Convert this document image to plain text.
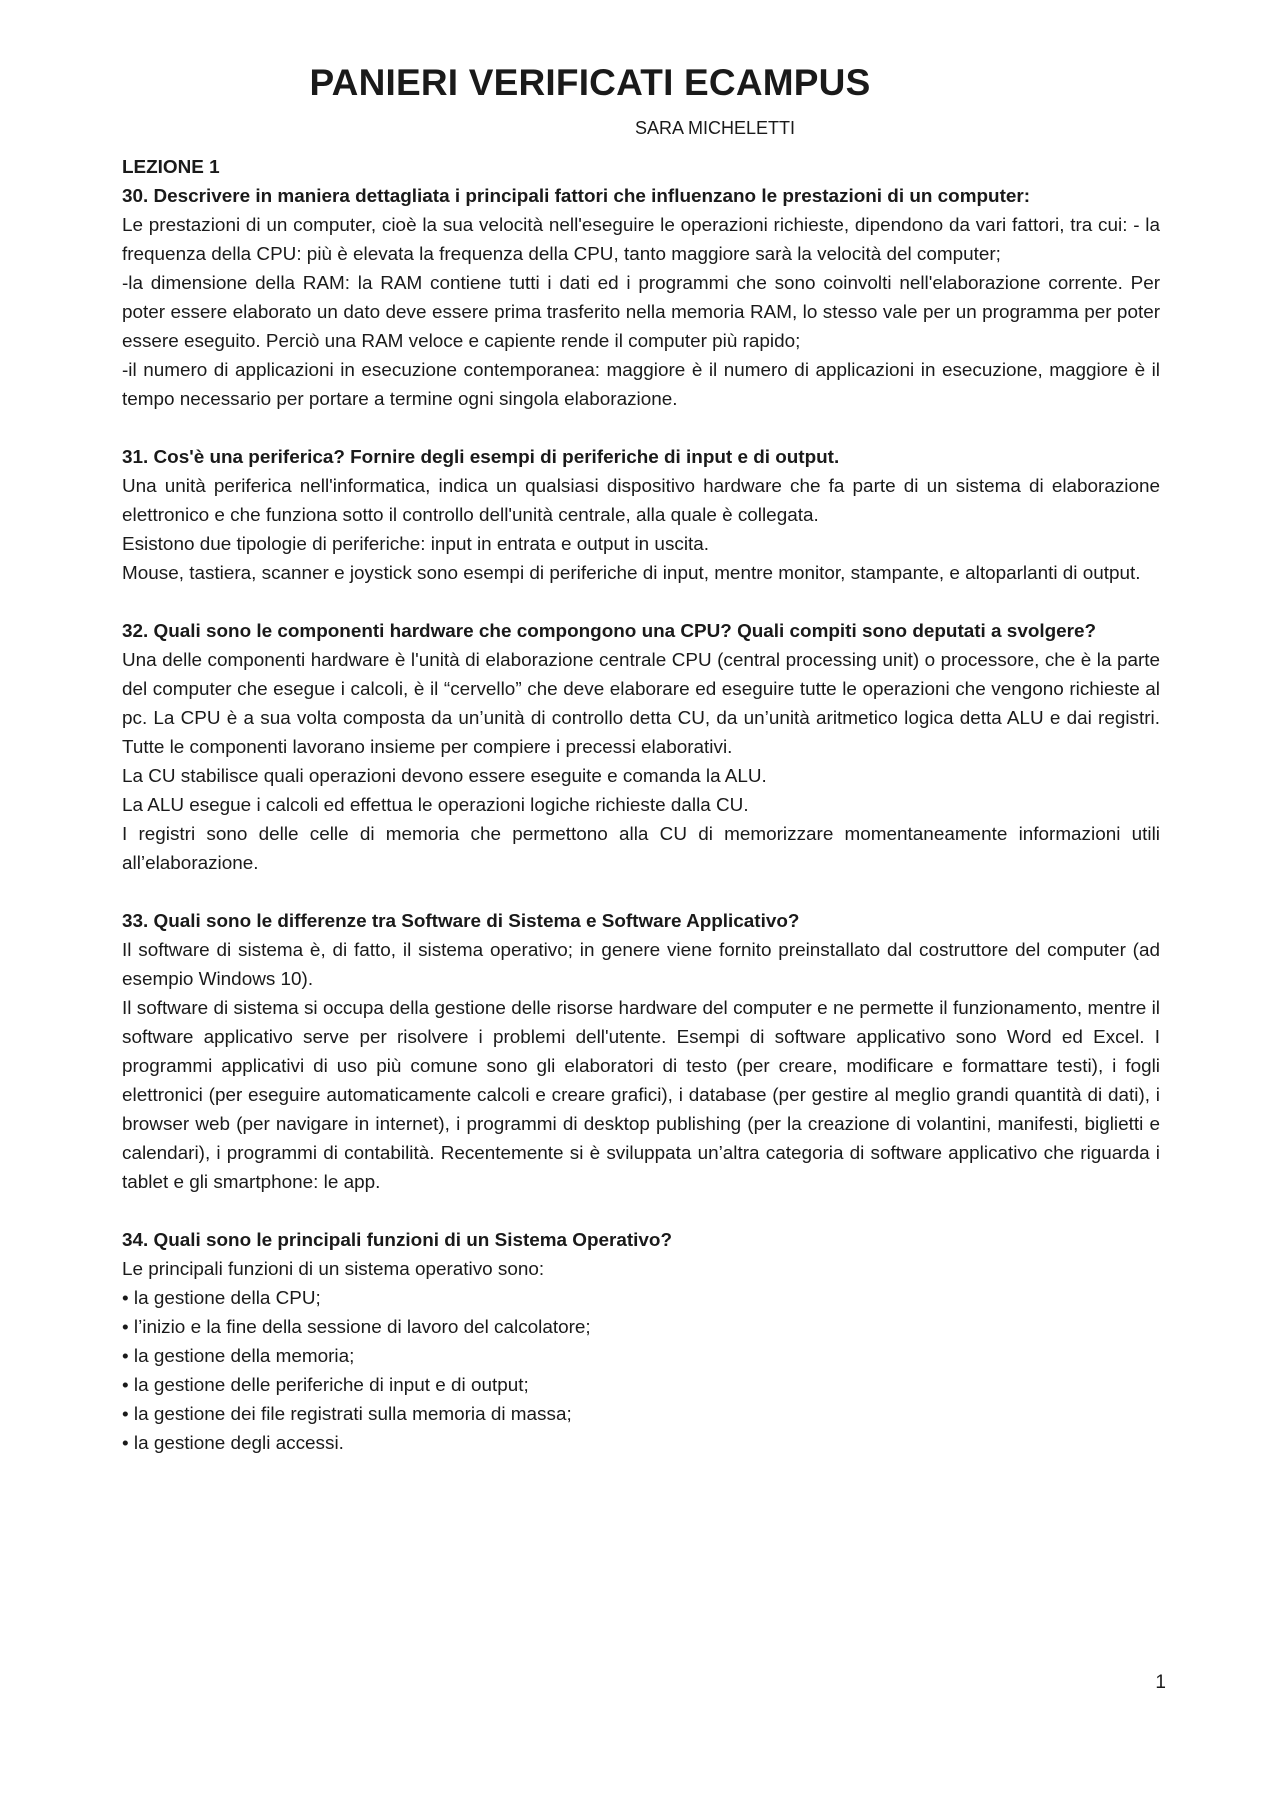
PANIERI VERIFICATI ECAMPUS
SARA MICHELETTI

LEZIONE 1

30. Descrivere in maniera dettagliata i principali fattori che influenzano le prestazioni di un computer:

Le prestazioni di un computer, cioè la sua velocità nell'eseguire le operazioni richieste, dipendono da vari fattori, tra cui: - la frequenza della CPU: più è elevata la frequenza della CPU, tanto maggiore sarà la velocità del computer;
-la dimensione della RAM: la RAM contiene tutti i dati ed i programmi che sono coinvolti nell'elaborazione corrente. Per poter essere elaborato un dato deve essere prima trasferito nella memoria RAM, lo stesso vale per un programma per poter essere eseguito. Perciò una RAM veloce e capiente rende il computer più rapido;
-il numero di applicazioni in esecuzione contemporanea: maggiore è il numero di applicazioni in esecuzione, maggiore è il tempo necessario per portare a termine ogni singola elaborazione.

31. Cos'è una periferica? Fornire degli esempi di periferiche di input e di output.

Una unità periferica nell'informatica, indica un qualsiasi dispositivo hardware che fa parte di un sistema di elaborazione elettronico e che funziona sotto il controllo dell'unità centrale, alla quale è collegata.
Esistono due tipologie di periferiche: input in entrata e output in uscita.
Mouse, tastiera, scanner e joystick sono esempi di periferiche di input, mentre monitor, stampante, e altoparlanti di output.

32. Quali sono le componenti hardware che compongono una CPU? Quali compiti sono deputati a svolgere?

Una delle componenti hardware è l'unità di elaborazione centrale CPU (central processing unit) o processore, che è la parte del computer che esegue i calcoli, è il “cervello” che deve elaborare ed eseguire tutte le operazioni che vengono richieste al pc. La CPU è a sua volta composta da un’unità di controllo detta CU, da un’unità aritmetico logica detta ALU e dai registri. Tutte le componenti lavorano insieme per compiere i precessi elaborativi.
La CU stabilisce quali operazioni devono essere eseguite e comanda la ALU.
La ALU esegue i calcoli ed effettua le operazioni logiche richieste dalla CU.
I registri sono delle celle di memoria che permettono alla CU di memorizzare momentaneamente informazioni utili all’elaborazione.

33. Quali sono le differenze tra Software di Sistema e Software Applicativo?

Il software di sistema è, di fatto, il sistema operativo; in genere viene fornito preinstallato dal costruttore del computer (ad esempio Windows 10).
Il software di sistema si occupa della gestione delle risorse hardware del computer e ne permette il funzionamento, mentre il software applicativo serve per risolvere i problemi dell'utente. Esempi di software applicativo sono Word ed Excel. I programmi applicativi di uso più comune sono gli elaboratori di testo (per creare, modificare e formattare testi), i fogli elettronici (per eseguire automaticamente calcoli e creare grafici), i database (per gestire al meglio grandi quantità di dati), i browser web (per navigare in internet), i programmi di desktop publishing (per la creazione di volantini, manifesti, biglietti e calendari), i programmi di contabilità. Recentemente si è sviluppata un’altra categoria di software applicativo che riguarda i tablet e gli smartphone: le app.

34. Quali sono le principali funzioni di un Sistema Operativo?

Le principali funzioni di un sistema operativo sono:

• la gestione della CPU;
• l’inizio e la fine della sessione di lavoro del calcolatore;
• la gestione della memoria;
• la gestione delle periferiche di input e di output;
• la gestione dei file registrati sulla memoria di massa;
• la gestione degli accessi.
1
